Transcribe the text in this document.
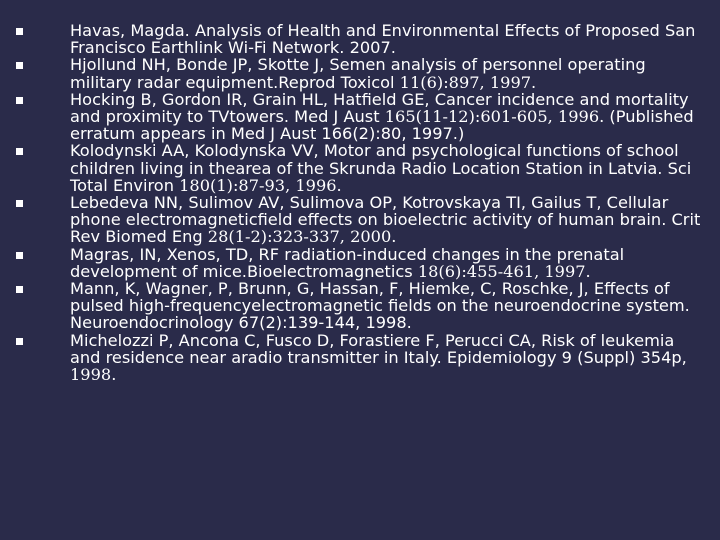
Havas, Magda. Analysis of Health and Environmental Effects of Proposed San Francisco Earthlink Wi-Fi Network. 2007.
Hjollund NH, Bonde JP, Skotte J, Semen analysis of personnel operating military radar equipment.Reprod Toxicol 11(6):897, 1997.
Hocking B, Gordon IR, Grain HL, Hatfield GE, Cancer incidence and mortality and proximity to TVtowers. Med J Aust 165(11-12):601-605, 1996. (Published erratum appears in Med J Aust 166(2):80, 1997.)
Kolodynski AA, Kolodynska VV, Motor and psychological functions of school children living in thearea of the Skrunda Radio Location Station in Latvia. Sci Total Environ 180(1):87-93, 1996.
Lebedeva NN, Sulimov AV, Sulimova OP, Kotrovskaya TI, Gailus T, Cellular phone electromagneticfield effects on bioelectric activity of human brain. Crit Rev Biomed Eng 28(1-2):323-337, 2000.
Magras, IN, Xenos, TD, RF radiation-induced changes in the prenatal development of mice.Bioelectromagnetics 18(6):455-461, 1997.
Mann, K, Wagner, P, Brunn, G, Hassan, F, Hiemke, C, Roschke, J, Effects of pulsed high-frequencyelectromagnetic fields on the neuroendocrine system. Neuroendocrinology 67(2):139-144, 1998.
Michelozzi P, Ancona C, Fusco D, Forastiere F, Perucci CA, Risk of leukemia and residence near aradio transmitter in Italy. Epidemiology 9 (Suppl) 354p, 1998.
